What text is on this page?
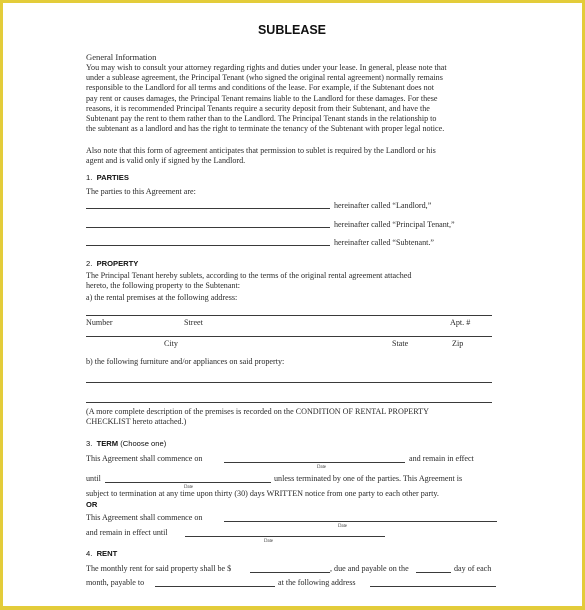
SUBLEASE
General Information
You may wish to consult your attorney regarding rights and duties under your lease. In general, please note that
under a sublease agreement, the Principal Tenant (who signed the original rental agreement) normally remains
responsible to the Landlord for all terms and conditions of the lease. For example, if the Subtenant does not
pay rent or causes damages, the Principal Tenant remains liable to the Landlord for these damages. For these
reasons, it is recommended Principal Tenants require a security deposit from their Subtenant, and have the
Subtenant pay the rent to them rather than to the Landlord. The Principal Tenant stands in the relationship to
the subtenant as a landlord and has the right to terminate the tenancy of the Subtenant with proper legal notice.
Also note that this form of agreement anticipates that permission to sublet is required by the Landlord or his
agent and is valid only if signed by the Landlord.
1. PARTIES
The parties to this Agreement are:
hereinafter called “Landlord,”
hereinafter called “Principal Tenant,”
hereinafter called “Subtenant.”
2. PROPERTY
The Principal Tenant hereby sublets, according to the terms of the original rental agreement attached
hereto, the following property to the Subtenant:
a) the rental premises at the following address:
Number	Street	Apt. #
City	State	Zip
b) the following furniture and/or appliances on said property:
(A more complete description of the premises is recorded on the CONDITION OF RENTAL PROPERTY
CHECKLIST hereto attached.)
3. TERM (Choose one)
This Agreement shall commence on
Date
and remain in effect
until
Date
unless terminated by one of the parties. This Agreement is
subject to termination at any time upon thirty (30) days WRITTEN notice from one party to each other party.
OR
This Agreement shall commence on
Date
and remain in effect until
Date
4. RENT
The monthly rent for said property shall be $	, due and payable on the	day of each
month, payable to	at the following address
